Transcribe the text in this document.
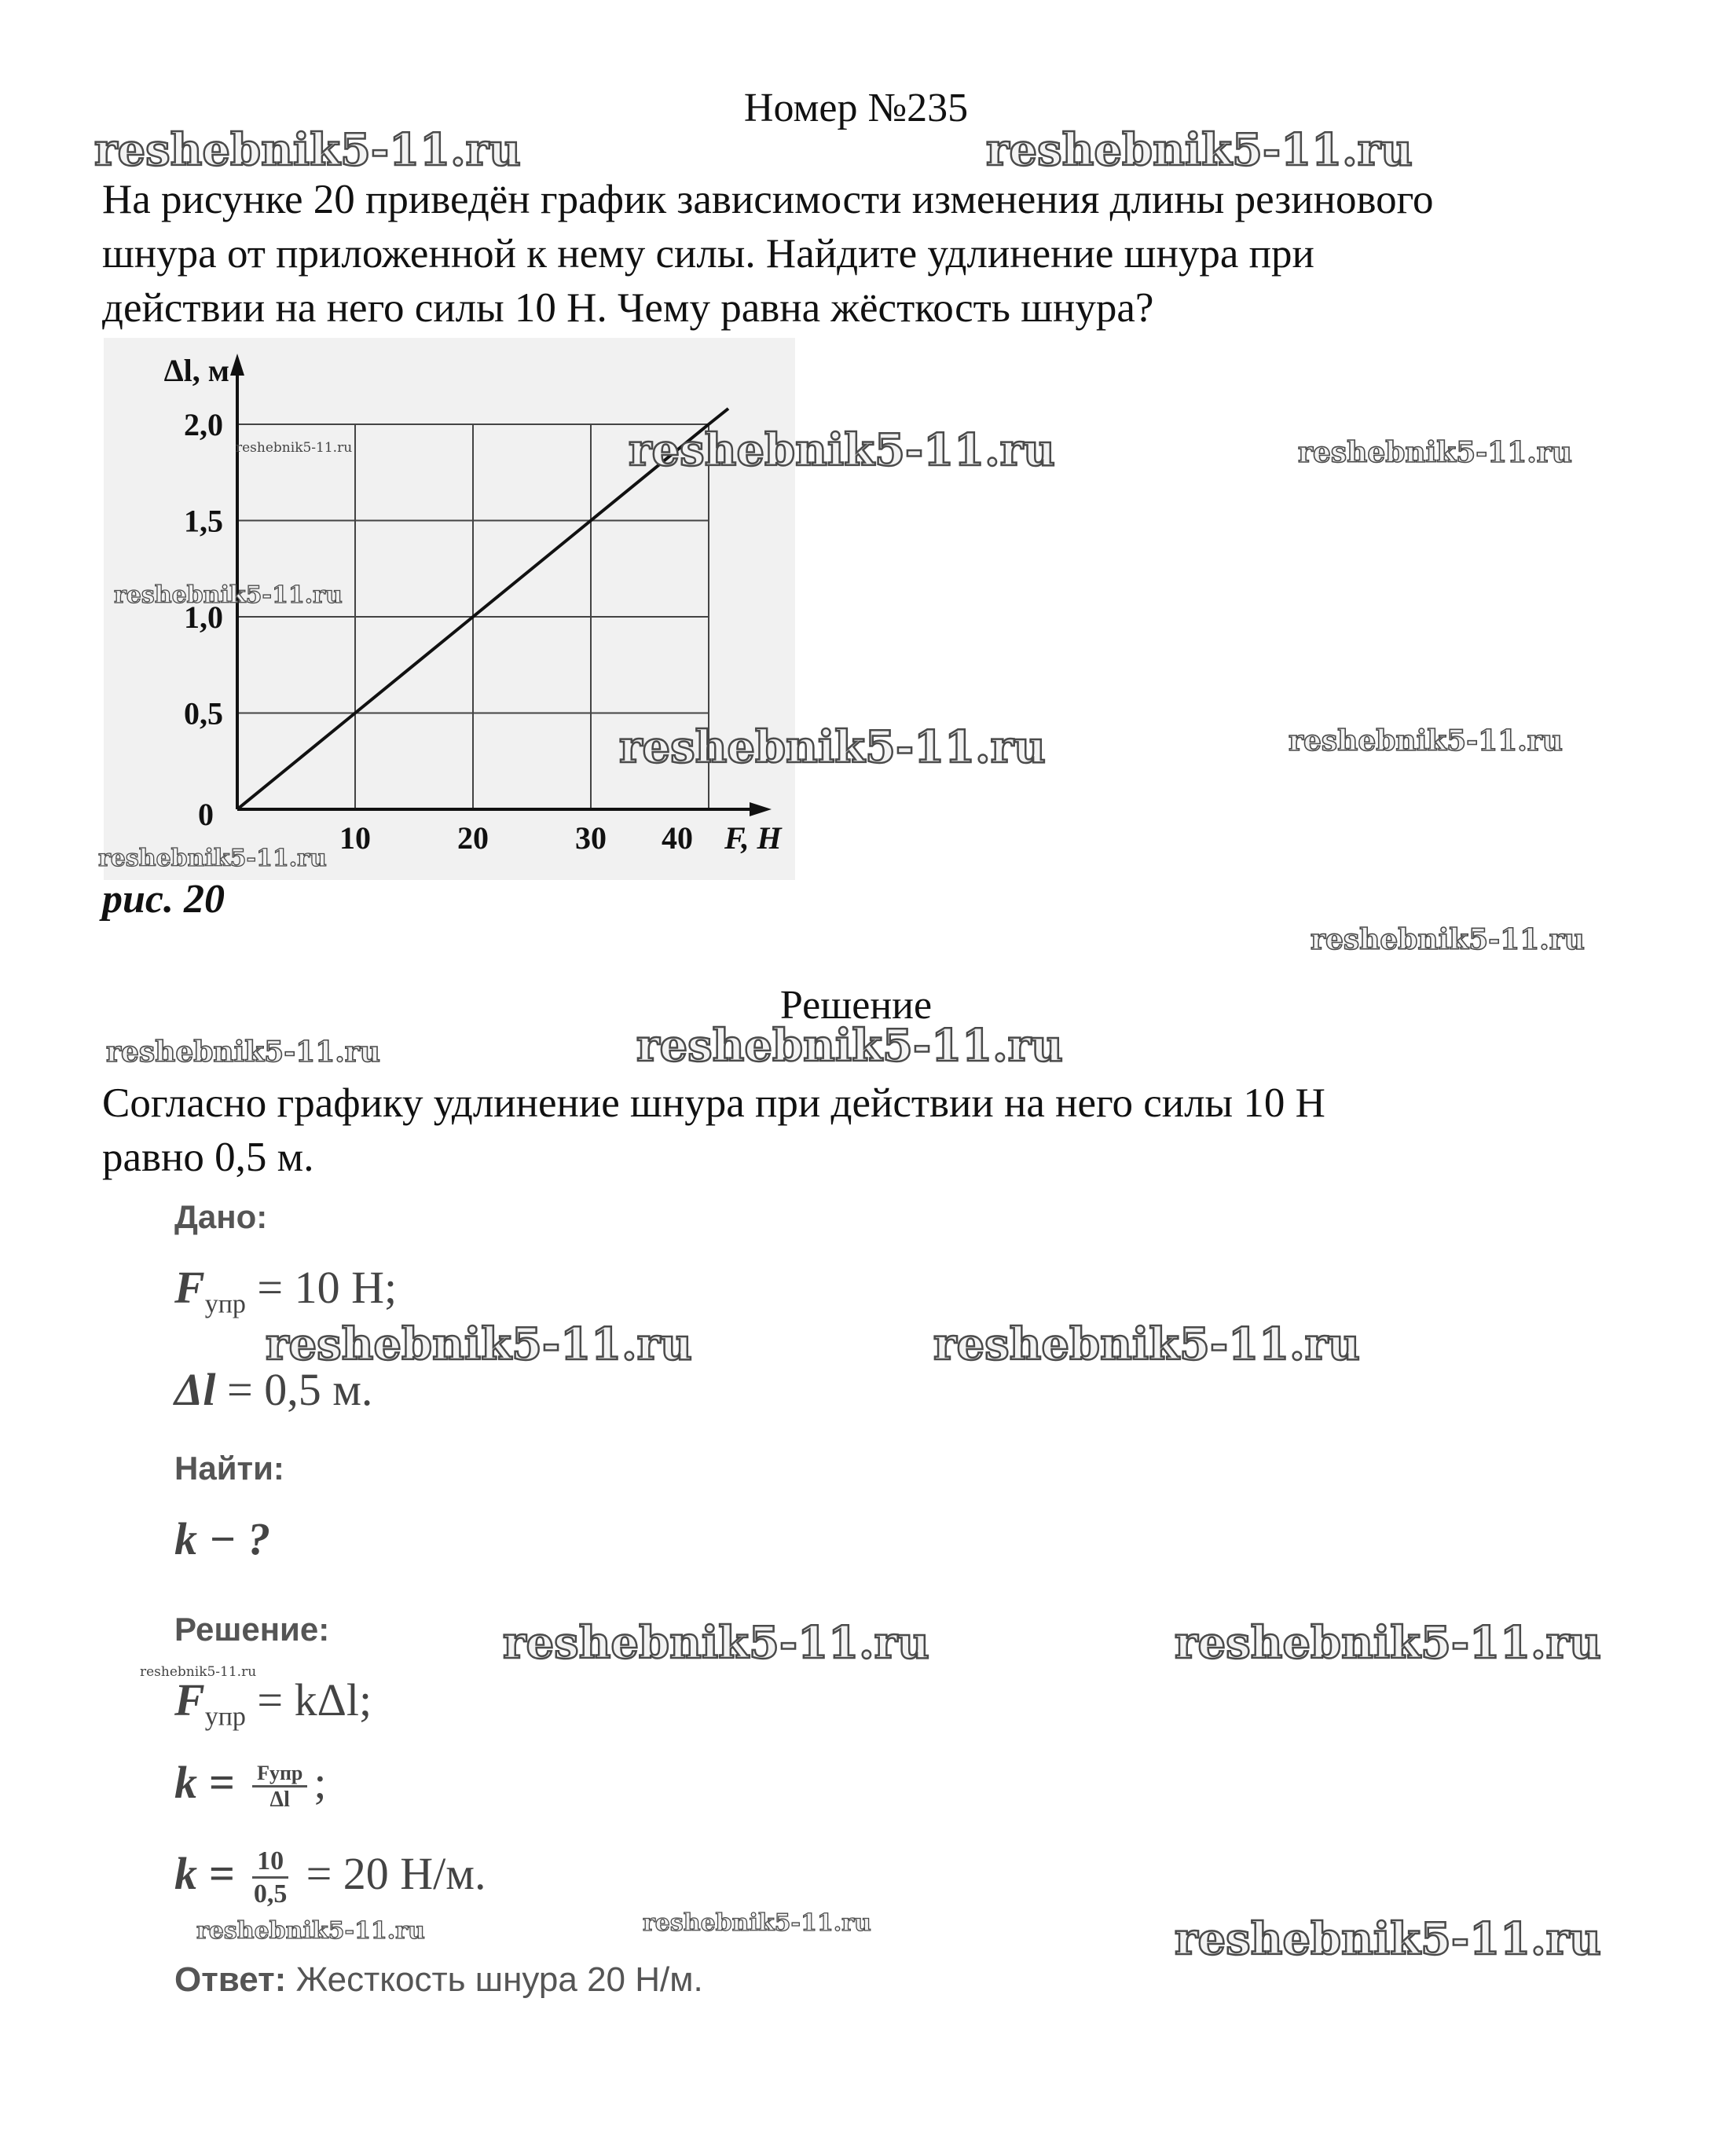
Номер №235
На рисунке 20 приведён график зависимости изменения длины резинового
шнура от приложенной к нему силы. Найдите удлинение шнура при
действии на него силы 10 Н. Чему равна жёсткость шнура?
10	20	30 40
0,5
1,0
1,5
2,0
0
F, Н
Δl, м
рис. 20
Решение
Согласно графику удлинение шнура при действии на него силы 10 Н
равно 0,5 м.
Дано:
$F_{упр} = 10$ Н;
Δl = 0,5 м.
Найти:
k − ?
Решение:
$F_{упр} = k\Delta l$;
$k = \frac{\text{Fупр}}{\Delta l}$ ;
$k = \frac{10}{0,5} = 20$ Н/м.
Ответ: Жесткость шнура 20 Н/м.
reshebnik5-11.ru	reshebnik5-11.ru
reshebnik5-11.ru	reshebnik5-11.ru
reshebnik5-11.ru
reshebnik5-11.ru
reshebnik5-11.ru	reshebnik5-11.ru
reshebnik5-11.ru
reshebnik5-11.ru
reshebnik5-11.ru
reshebnik5-11.ru
reshebnik5-11.ru	reshebnik5-11.ru
reshebnik5-11.ru	reshebnik5-11.ru
reshebnik5-11.ru
reshebnik5-11.ru	reshebnik5-11.ru	reshebnik5-11.ru
